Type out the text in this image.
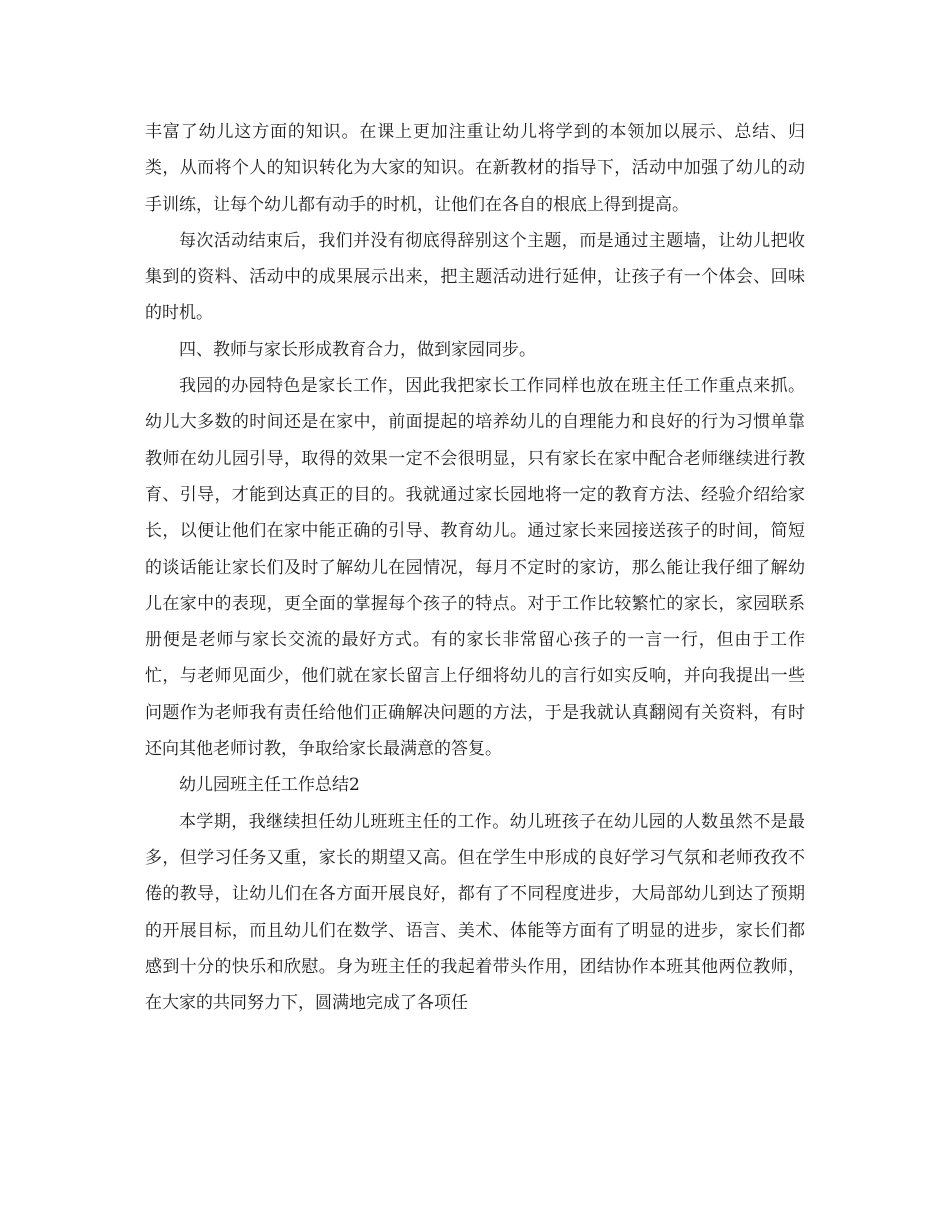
丰富了幼儿这方面的知识。在课上更加注重让幼儿将学到的本领加以展示、总结、归类，从而将个人的知识转化为大家的知识。在新教材的指导下，活动中加强了幼儿的动手训练，让每个幼儿都有动手的时机，让他们在各自的根底上得到提高。

每次活动结束后，我们并没有彻底得辞别这个主题，而是通过主题墙，让幼儿把收集到的资料、活动中的成果展示出来，把主题活动进行延伸，让孩子有一个体会、回味的时机。

四、教师与家长形成教育合力，做到家园同步。

我园的办园特色是家长工作，因此我把家长工作同样也放在班主任工作重点来抓。幼儿大多数的时间还是在家中，前面提起的培养幼儿的自理能力和良好的行为习惯单靠教师在幼儿园引导，取得的效果一定不会很明显，只有家长在家中配合老师继续进行教育、引导，才能到达真正的目的。我就通过家长园地将一定的教育方法、经验介绍给家长，以便让他们在家中能正确的引导、教育幼儿。通过家长来园接送孩子的时间，简短的谈话能让家长们及时了解幼儿在园情况，每月不定时的家访，那么能让我仔细了解幼儿在家中的表现，更全面的掌握每个孩子的特点。对于工作比较繁忙的家长，家园联系册便是老师与家长交流的最好方式。有的家长非常留心孩子的一言一行，但由于工作忙，与老师见面少，他们就在家长留言上仔细将幼儿的言行如实反响，并向我提出一些问题作为老师我有责任给他们正确解决问题的方法，于是我就认真翻阅有关资料，有时还向其他老师讨教，争取给家长最满意的答复。

幼儿园班主任工作总结2

本学期，我继续担任幼儿班班主任的工作。幼儿班孩子在幼儿园的人数虽然不是最多，但学习任务又重，家长的期望又高。但在学生中形成的良好学习气氛和老师孜孜不倦的教导，让幼儿们在各方面开展良好，都有了不同程度进步，大局部幼儿到达了预期的开展目标，而且幼儿们在数学、语言、美术、体能等方面有了明显的进步，家长们都感到十分的快乐和欣慰。身为班主任的我起着带头作用，团结协作本班其他两位教师，在大家的共同努力下，圆满地完成了各项任
